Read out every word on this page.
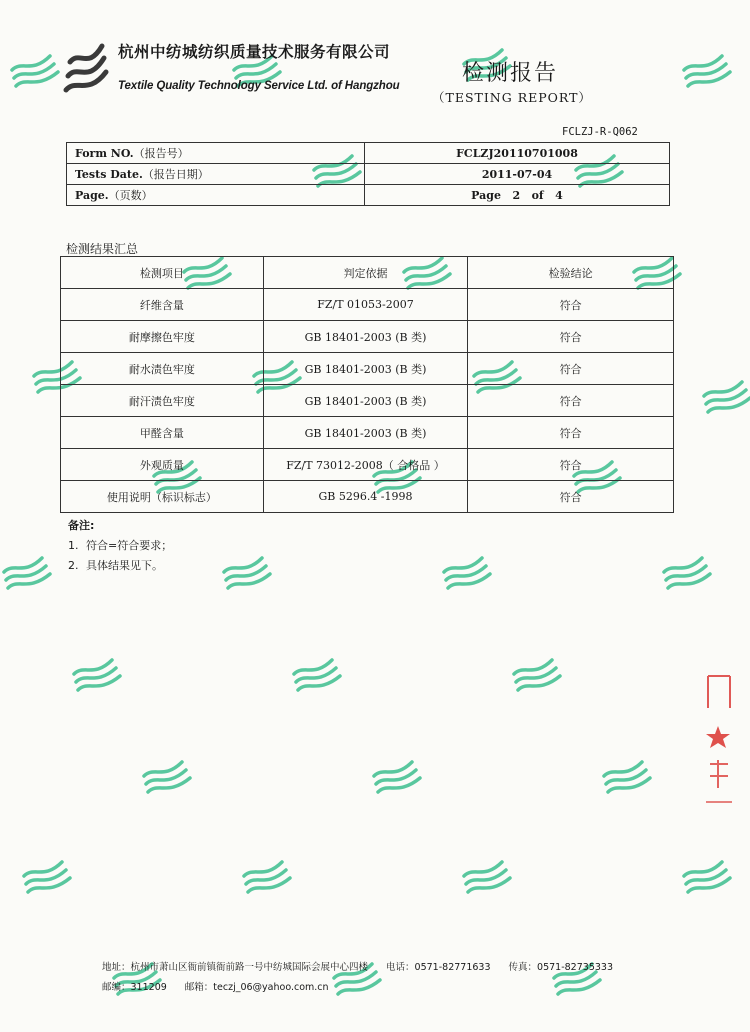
杭州中纺城纺织质量技术服务有限公司
Textile Quality Technology Service Ltd. of Hangzhou	检测报告
（TESTING REPORT）
FCLZJ-R-Q062
Form NO.（报告号）	FCLZJ20110701008
Tests Date.（报告日期）	2011-07-04
Page.（页数）	Page   2   of   4
检测结果汇总
检测项目	判定依据	检验结论
纤维含量	FZ/T 01053-2007	符合
耐摩擦色牢度	GB 18401-2003 (B 类)	符合
耐水渍色牢度	GB 18401-2003 (B 类)	符合
耐汗渍色牢度	GB 18401-2003 (B 类)	符合
甲醛含量	GB 18401-2003 (B 类)	符合
外观质量	FZ/T 73012-2008（ 合格品 ）	符合
使用说明（标识标志）	GB 5296.4 -1998	符合
备注:
1. 符合=符合要求；
2. 具体结果见下。
地址：杭州市萧山区衙前镇衙前路一号中纺城国际会展中心四楼 电话：0571-82771633 传真：0571-82735333
邮编：311209 邮箱：teczj_06@yahoo.com.cn
